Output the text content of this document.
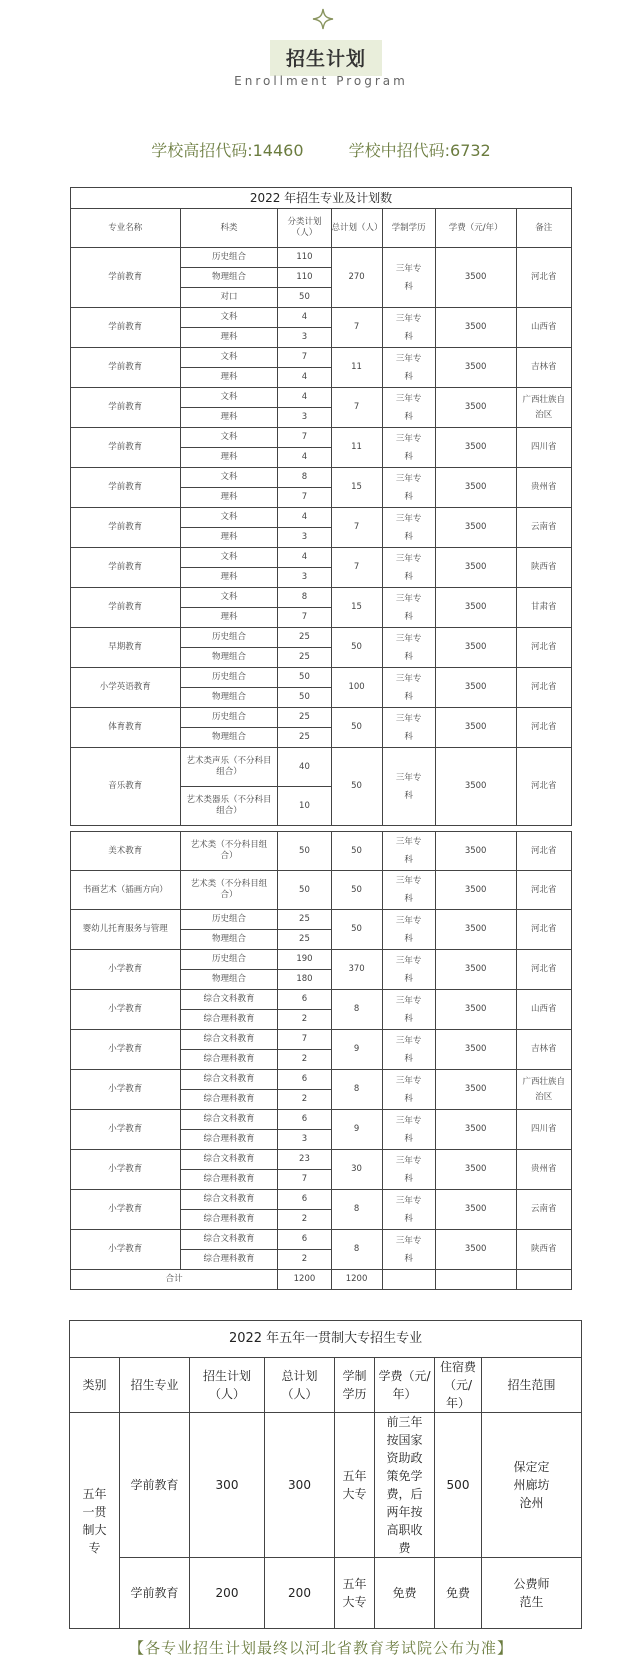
招生计划
Enrollment Program
学校高招代码:14460	学校中招代码:6732
2022 年招生专业及计划数						
专业名称	科类	分类计划（人）	总计划（人）	学制学历	学费（元/年）	备注
学前教育	历史组合	110	270	三年专科	3500	河北省
	物理组合	110				
	对口	50				
学前教育	文科	4	7	三年专科	3500	山西省
	理科	3				
学前教育	文科	7	11	三年专科	3500	吉林省
	理科	4				
学前教育	文科	4	7	三年专科	3500	广西壮族自治区
	理科	3				
学前教育	文科	7	11	三年专科	3500	四川省
	理科	4				
学前教育	文科	8	15	三年专科	3500	贵州省
	理科	7				
学前教育	文科	4	7	三年专科	3500	云南省
	理科	3				
学前教育	文科	4	7	三年专科	3500	陕西省
	理科	3				
学前教育	文科	8	15	三年专科	3500	甘肃省
	理科	7				
早期教育	历史组合	25	50	三年专科	3500	河北省
	物理组合	25				
小学英语教育	历史组合	50	100	三年专科	3500	河北省
	物理组合	50				
体育教育	历史组合	25	50	三年专科	3500	河北省
	物理组合	25				
音乐教育	艺术类声乐（不分科目组合）	40	50	三年专科	3500	河北省
	艺术类器乐（不分科目组合）	10				

美术教育	艺术类（不分科目组合）	50	50	三年专科	3500	河北省
书画艺术（插画方向）	艺术类（不分科目组合）	50	50	三年专科	3500	河北省
婴幼儿托育服务与管理	历史组合	25	50	三年专科	3500	河北省
	物理组合	25				
小学教育	历史组合	190	370	三年专科	3500	河北省
	物理组合	180				
小学教育	综合文科教育	6	8	三年专科	3500	山西省
	综合理科教育	2				
小学教育	综合文科教育	7	9	三年专科	3500	吉林省
	综合理科教育	2				
小学教育	综合文科教育	6	8	三年专科	3500	广西壮族自治区
	综合理科教育	2				
小学教育	综合文科教育	6	9	三年专科	3500	四川省
	综合理科教育	3				
小学教育	综合文科教育	23	30	三年专科	3500	贵州省
	综合理科教育	7				
小学教育	综合文科教育	6	8	三年专科	3500	云南省
	综合理科教育	2				
小学教育	综合文科教育	6	8	三年专科	3500	陕西省
	综合理科教育	2				
合计		1200	1200			
2022 年五年一贯制大专招生专业							
类别	招生专业	招生计划（人）	总计划（人）	学制学历	学费（元/年）	住宿费（元/年）	招生范围
五年一贯制大专	学前教育	300	300	五年大专	前三年按国家资助政策免学费，后两年按高职收费	500	保定定州廊坊沧州
	学前教育	200	200	五年大专	免费	免费	公费师范生
【各专业招生计划最终以河北省教育考试院公布为准】
